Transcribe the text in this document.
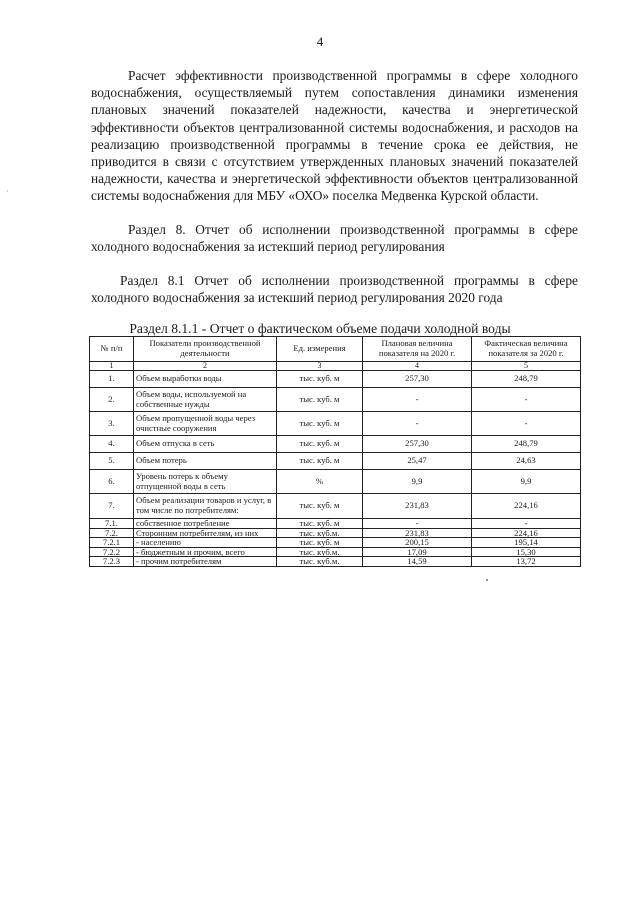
4
·

Расчет эффективности производственной программы в сфере холодного водоснабжения, осуществляемый путем сопоставления динамики изменения плановых значений показателей надежности, качества и энергетической эффективности объектов централизованной системы водоснабжения, и расходов на реализацию производственной программы в течение срока ее действия, не приводится в связи с отсутствием утвержденных плановых значений показателей надежности, качества и энергетической эффективности объектов централизованной системы водоснабжения для МБУ «ОХО» поселка Медвенка Курской области.

Раздел 8. Отчет об исполнении производственной программы в сфере холодного водоснабжения за истекший период регулирования

Раздел 8.1 Отчет об исполнении производственной программы в сфере холодного водоснабжения за истекший период регулирования 2020 года

Раздел 8.1.1 - Отчет о фактическом объеме подачи холодной воды
№ п/п	Показатели производственной деятельности	Ед. измерения	Плановая величина показателя на 2020 г.	Фактическая величина показателя за 2020 г.
1	2	3	4	5
1.	Объем выработки воды	тыс. куб. м	257,30	248,79
2.	Объем воды, используемой на собственные нужды	тыс. куб. м	-	-
3.	Объем пропущенной воды через очистные сооружения	тыс. куб. м	-	-
4.	Объем отпуска в сеть	тыс. куб. м	257,30	248,79
5.	Объем потерь	тыс. куб. м	25,47	24,63
6.	Уровень потерь к объему отпущенной воды в сеть	%	9,9	9,9
7.	Объем реализации товаров и услуг, в том числе по потребителям:	тыс. куб. м	231,83	224,16
7.1.	собственное потребление	тыс. куб. м	-	-
7.2.	Сторонним потребителям, из них	тыс. куб.м.	231,83	224,16
7.2.1	- населению	тыс. куб. м	200,15	195,14
7.2.2	- бюджетным и прочим, всего	тыс. куб.м.	17,09	15,30
7.2.3	- прочим потребителям	тыс. куб.м.	14,59	13,72
